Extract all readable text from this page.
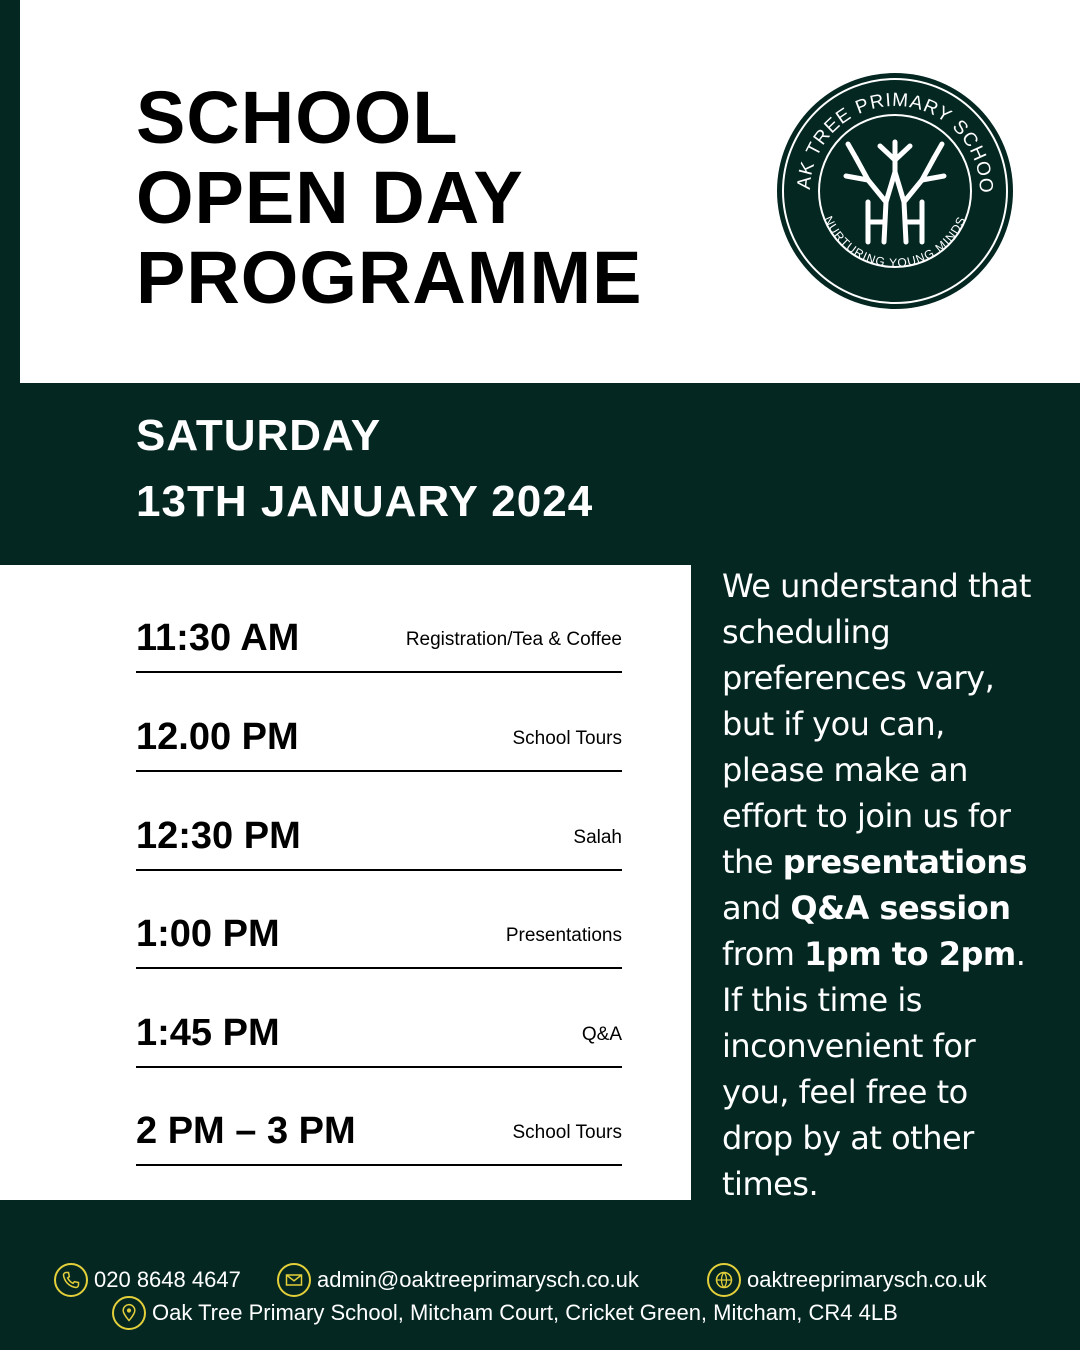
SCHOOL
OPEN DAY
PROGRAMME
AK TREE PRIMARY SCHOO
NURTURING YOUNG MINDS
SATURDAY
13TH JANUARY 2024
11:30 AM	Registration/Tea & Coffee
12.00 PM	School Tours
12:30 PM	Salah
1:00 PM	Presentations
1:45 PM	Q&A
2 PM – 3 PM	School Tours
We understand that scheduling preferences vary, but if you can, please make an effort to join us for the presentations and Q&A session from 1pm to 2pm. If this time is inconvenient for you, feel free to drop by at other times.
020 8648 4647	admin@oaktreeprimarysch.co.uk	oaktreeprimarysch.co.uk
Oak Tree Primary School, Mitcham Court, Cricket Green, Mitcham, CR4 4LB
